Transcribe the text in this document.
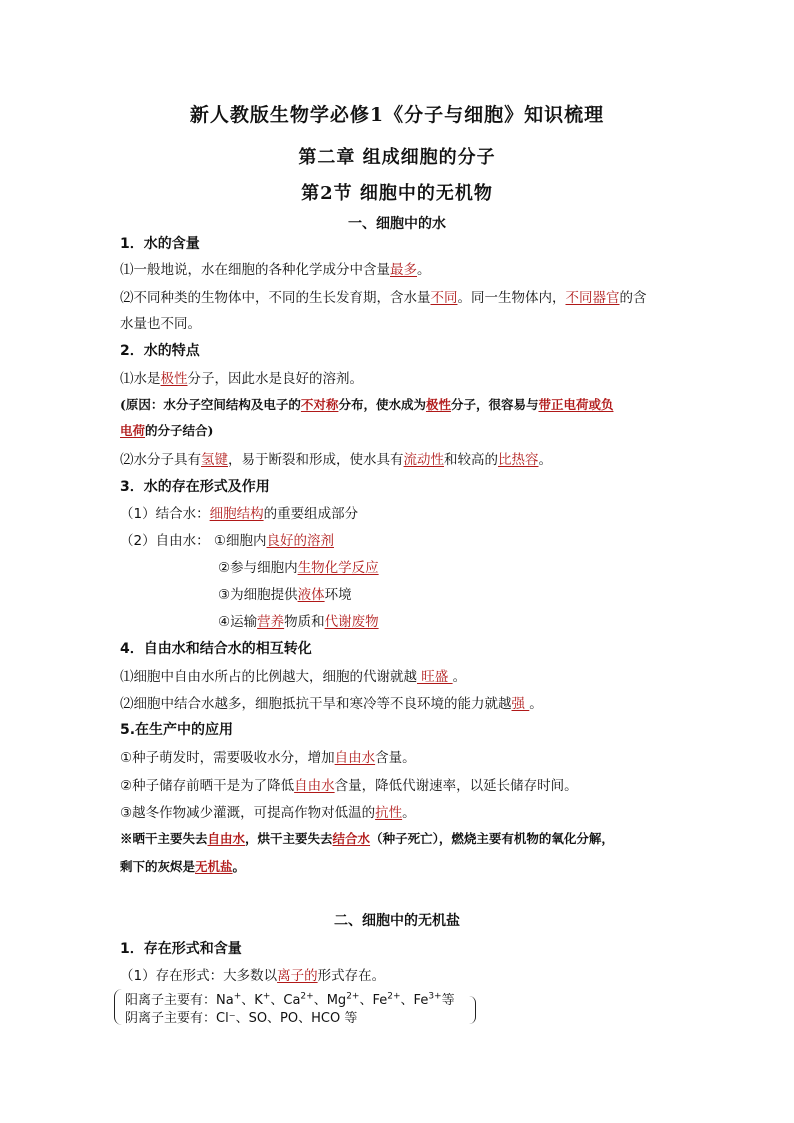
新人教版生物学必修1《分子与细胞》知识梳理
第二章 组成细胞的分子
第2节 细胞中的无机物
一、细胞中的水
1．水的含量
⑴一般地说，水在细胞的各种化学成分中含量最多。
⑵不同种类的生物体中，不同的生长发育期，含水量不同。同一生物体内，不同器官的含
水量也不同。
2．水的特点
⑴水是极性分子，因此水是良好的溶剂。
(原因：水分子空间结构及电子的不对称分布，使水成为极性分子，很容易与带正电荷或负
电荷的分子结合)
⑵水分子具有氢键，易于断裂和形成，使水具有流动性和较高的比热容。
3．水的存在形式及作用
（1）结合水：细胞结构的重要组成部分
（2）自由水： ①细胞内良好的溶剂
②参与细胞内生物化学反应
③为细胞提供液体环境
④运输营养物质和代谢废物
4．自由水和结合水的相互转化
⑴细胞中自由水所占的比例越大，细胞的代谢就越 旺盛 。
⑵细胞中结合水越多，细胞抵抗干旱和寒冷等不良环境的能力就越强 。
5.在生产中的应用
①种子萌发时，需要吸收水分，增加自由水含量。
②种子储存前晒干是为了降低自由水含量，降低代谢速率，以延长储存时间。
③越冬作物减少灌溉，可提高作物对低温的抗性。
※晒干主要失去自由水，烘干主要失去结合水（种子死亡），燃烧主要有机物的氧化分解，
剩下的灰烬是无机盐。
二、细胞中的无机盐
1．存在形式和含量
（1）存在形式：大多数以离子的形式存在。
阳离子主要有：Na+、K+、$Ca^{2+}$、$Mg^{2+}$、$Fe^{2+}$、$Fe^{3+}$等
阴离子主要有：Cl⁻、SO、PO、HCO 等
